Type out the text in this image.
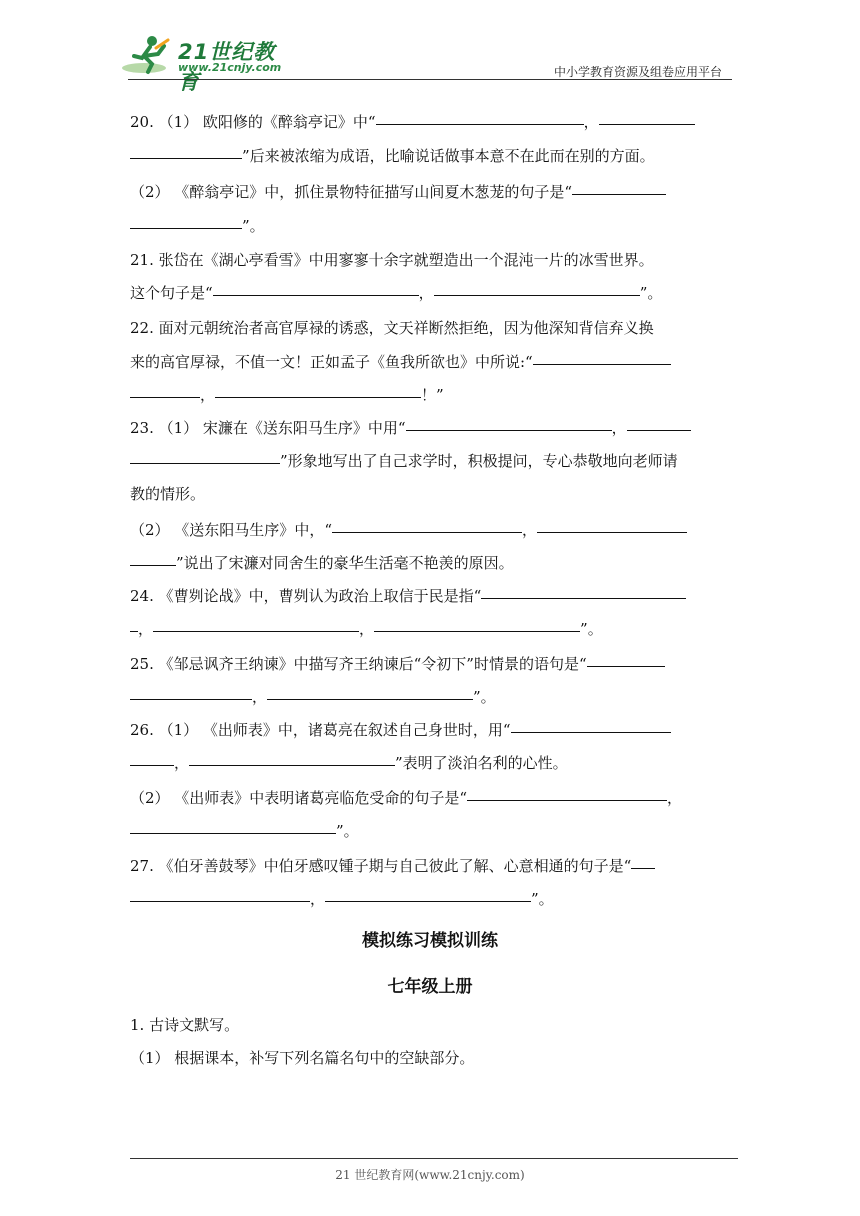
21世纪教育
www.21cnjy.com	中小学教育资源及组卷应用平台
20. （1） 欧阳修的《醉翁亭记》中“	，
”后来被浓缩为成语，比喻说话做事本意不在此而在别的方面。
（2） 《醉翁亭记》中，抓住景物特征描写山间夏木葱茏的句子是“
”。
21. 张岱在《湖心亭看雪》中用寥寥十余字就塑造出一个混沌一片的冰雪世界。
这个句子是“	，	”。
22. 面对元朝统治者高官厚禄的诱惑，文天祥断然拒绝，因为他深知背信弃义换
来的高官厚禄，不值一文！正如孟子《鱼我所欲也》中所说:“
，	！”
23. （1） 宋濂在《送东阳马生序》中用“	，
”形象地写出了自己求学时，积极提问，专心恭敬地向老师请
教的情形。
（2） 《送东阳马生序》中，“	，
”说出了宋濂对同舍生的豪华生活毫不艳羡的原因。
24. 《曹刿论战》中，曹刿认为政治上取信于民是指“
，	，	”。
25. 《邹忌讽齐王纳谏》中描写齐王纳谏后“令初下”时情景的语句是“
，	”。
26. （1） 《出师表》中，诸葛亮在叙述自己身世时，用“
，	”表明了淡泊名利的心性。
（2） 《出师表》中表明诸葛亮临危受命的句子是“	，
”。
27. 《伯牙善鼓琴》中伯牙感叹锺子期与自己彼此了解、心意相通的句子是“
，	”。
模拟练习模拟训练
七年级上册
1. 古诗文默写。
（1） 根据课本，补写下列名篇名句中的空缺部分。
21 世纪教育网(www.21cnjy.com)
